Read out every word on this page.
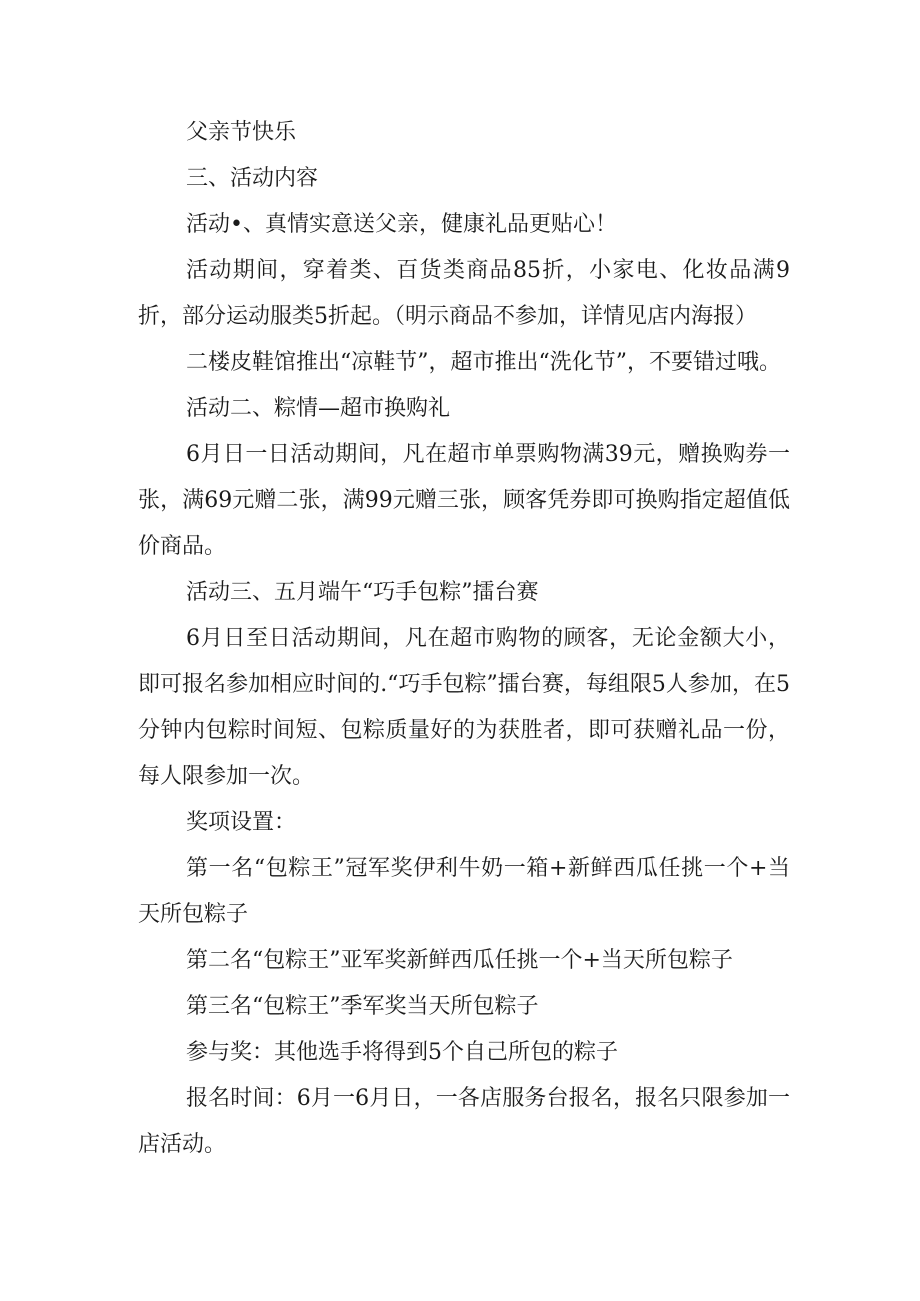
父亲节快乐

三、活动内容

活动•、真情实意送父亲，健康礼品更贴心！

活动期间，穿着类、百货类商品85折，小家电、化妆品满9折，部分运动服类5折起。（明示商品不参加，详情见店内海报）

二楼皮鞋馆推出“凉鞋节”，超市推出“洗化节”，不要错过哦。

活动二、粽情—超市换购礼

6月日一日活动期间，凡在超市单票购物满39元，赠换购券一张，满69元赠二张，满99元赠三张，顾客凭券即可换购指定超值低价商品。

活动三、五月端午“巧手包粽”擂台赛

6月日至日活动期间，凡在超市购物的顾客，无论金额大小，即可报名参加相应时间的.“巧手包粽”擂台赛，每组限5人参加，在5分钟内包粽时间短、包粽质量好的为获胜者，即可获赠礼品一份，每人限参加一次。

奖项设置：

第一名“包粽王”冠军奖伊利牛奶一箱+新鲜西瓜任挑一个+当天所包粽子

第二名“包粽王”亚军奖新鲜西瓜任挑一个+当天所包粽子

第三名“包粽王”季军奖当天所包粽子

参与奖：其他选手将得到5个自己所包的粽子

报名时间：6月一6月日，一各店服务台报名，报名只限参加一店活动。
